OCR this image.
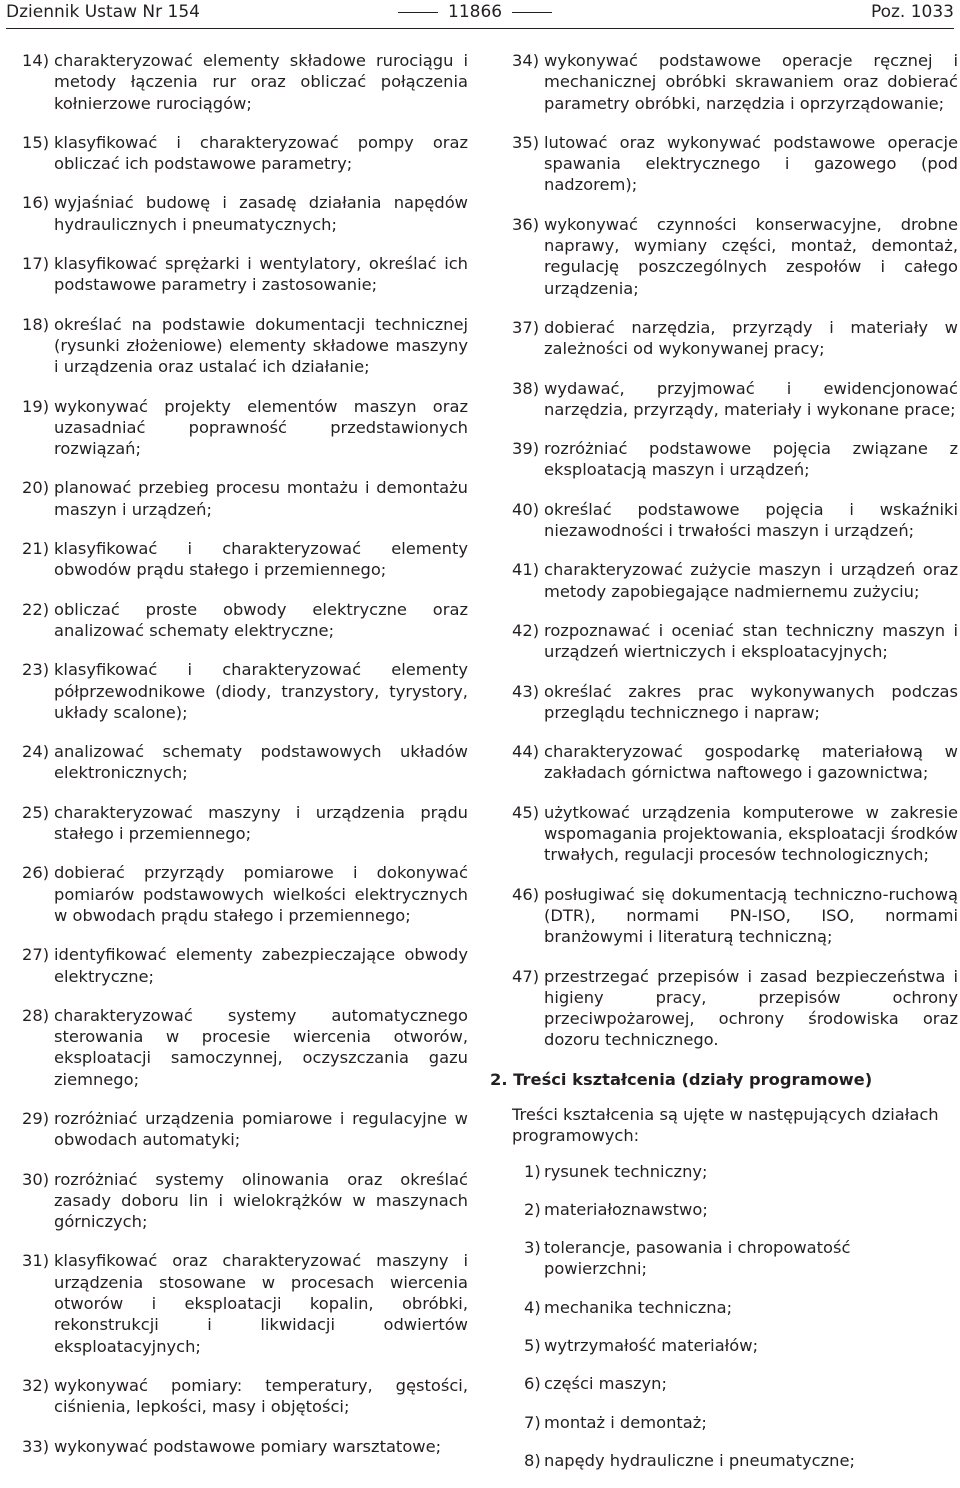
Dziennik Ustaw Nr 154	11866	Poz. 1033
14) charakteryzować elementy składowe rurociągu i metody łączenia rur oraz obliczać połączenia kołnierzowe rurociągów;
15) klasyfikować i charakteryzować pompy oraz obliczać ich podstawowe parametry;
16) wyjaśniać budowę i zasadę działania napędów hydraulicznych i pneumatycznych;
17) klasyfikować sprężarki i wentylatory, określać ich podstawowe parametry i zastosowanie;
18) określać na podstawie dokumentacji technicznej (rysunki złożeniowe) elementy składowe maszyny i urządzenia oraz ustalać ich działanie;
19) wykonywać projekty elementów maszyn oraz uzasadniać poprawność przedstawionych rozwiązań;
20) planować przebieg procesu montażu i demontażu maszyn i urządzeń;
21) klasyfikować i charakteryzować elementy obwodów prądu stałego i przemiennego;
22) obliczać proste obwody elektryczne oraz analizować schematy elektryczne;
23) klasyfikować i charakteryzować elementy półprzewodnikowe (diody, tranzystory, tyrystory, układy scalone);
24) analizować schematy podstawowych układów elektronicznych;
25) charakteryzować maszyny i urządzenia prądu stałego i przemiennego;
26) dobierać przyrządy pomiarowe i dokonywać pomiarów podstawowych wielkości elektrycznych w obwodach prądu stałego i przemiennego;
27) identyfikować elementy zabezpieczające obwody elektryczne;
28) charakteryzować systemy automatycznego sterowania w procesie wiercenia otworów, eksploatacji samoczynnej, oczyszczania gazu ziemnego;
29) rozróżniać urządzenia pomiarowe i regulacyjne w obwodach automatyki;
30) rozróżniać systemy olinowania oraz określać zasady doboru lin i wielokrążków w maszynach górniczych;
31) klasyfikować oraz charakteryzować maszyny i urządzenia stosowane w procesach wiercenia otworów i eksploatacji kopalin, obróbki, rekonstrukcji i likwidacji odwiertów eksploatacyjnych;
32) wykonywać pomiary: temperatury, gęstości, ciśnienia, lepkości, masy i objętości;
33) wykonywać podstawowe pomiary warsztatowe;
34) wykonywać podstawowe operacje ręcznej i mechanicznej obróbki skrawaniem oraz dobierać parametry obróbki, narzędzia i oprzyrządowanie;
35) lutować oraz wykonywać podstawowe operacje spawania elektrycznego i gazowego (pod nadzorem);
36) wykonywać czynności konserwacyjne, drobne naprawy, wymiany części, montaż, demontaż, regulację poszczególnych zespołów i całego urządzenia;
37) dobierać narzędzia, przyrządy i materiały w zależności od wykonywanej pracy;
38) wydawać, przyjmować i ewidencjonować narzędzia, przyrządy, materiały i wykonane prace;
39) rozróżniać podstawowe pojęcia związane z eksploatacją maszyn i urządzeń;
40) określać podstawowe pojęcia i wskaźniki niezawodności i trwałości maszyn i urządzeń;
41) charakteryzować zużycie maszyn i urządzeń oraz metody zapobiegające nadmiernemu zużyciu;
42) rozpoznawać i oceniać stan techniczny maszyn i urządzeń wiertniczych i eksploatacyjnych;
43) określać zakres prac wykonywanych podczas przeglądu technicznego i napraw;
44) charakteryzować gospodarkę materiałową w zakładach górnictwa naftowego i gazownictwa;
45) użytkować urządzenia komputerowe w zakresie wspomagania projektowania, eksploatacji środków trwałych, regulacji procesów technologicznych;
46) posługiwać się dokumentacją techniczno-ruchową (DTR), normami PN-ISO, ISO, normami branżowymi i literaturą techniczną;
47) przestrzegać przepisów i zasad bezpieczeństwa i higieny pracy, przepisów ochrony przeciwpożarowej, ochrony środowiska oraz dozoru technicznego.
2. Treści kształcenia (działy programowe)
Treści kształcenia są ujęte w następujących działach programowych:
1) rysunek techniczny;
2) materiałoznawstwo;
3) tolerancje, pasowania i chropowatość powierzchni;
4) mechanika techniczna;
5) wytrzymałość materiałów;
6) części maszyn;
7) montaż i demontaż;
8) napędy hydrauliczne i pneumatyczne;
